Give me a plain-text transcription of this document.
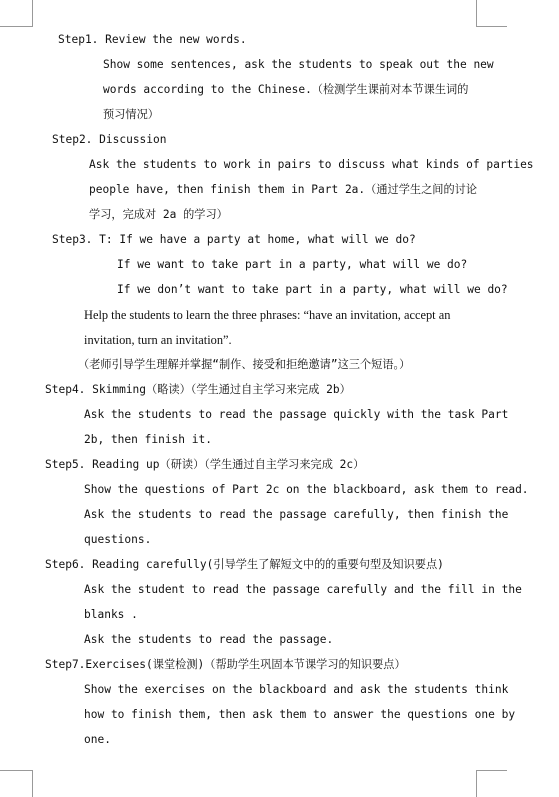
Step1. Review the new words.
Show some sentences, ask the students to speak out the new
words according to the Chinese.（检测学生课前对本节课生词的
预习情况）
Step2. Discussion
Ask the students to work in pairs to discuss what kinds of parties
people have, then finish them in Part 2a.（通过学生之间的讨论
学习，完成对 2a 的学习）
Step3. T: If we have a party at home, what will we do?
If we want to take part in a party, what will we do?
If we don’t want to take part in a party, what will we do?
Help the students to learn the three phrases: “have an invitation, accept an
invitation, turn an invitation”.
（老师引导学生理解并掌握“制作、接受和拒绝邀请”这三个短语。）
Step4. Skimming（略读）（学生通过自主学习来完成 2b）
Ask the students to read the passage quickly with the task Part
2b, then finish it.
Step5. Reading up（研读）（学生通过自主学习来完成 2c）
Show the questions of Part 2c on the blackboard, ask them to read.
Ask the students to read the passage carefully, then finish the
questions.
Step6. Reading carefully(引导学生了解短文中的的重要句型及知识要点)
Ask the student to read the passage carefully and the fill in the
blanks .
Ask the students to read the passage.
Step7.Exercises(课堂检测)（帮助学生巩固本节课学习的知识要点）
Show the exercises on the blackboard and ask the students think
how to finish them, then ask them to answer the questions one by
one.
